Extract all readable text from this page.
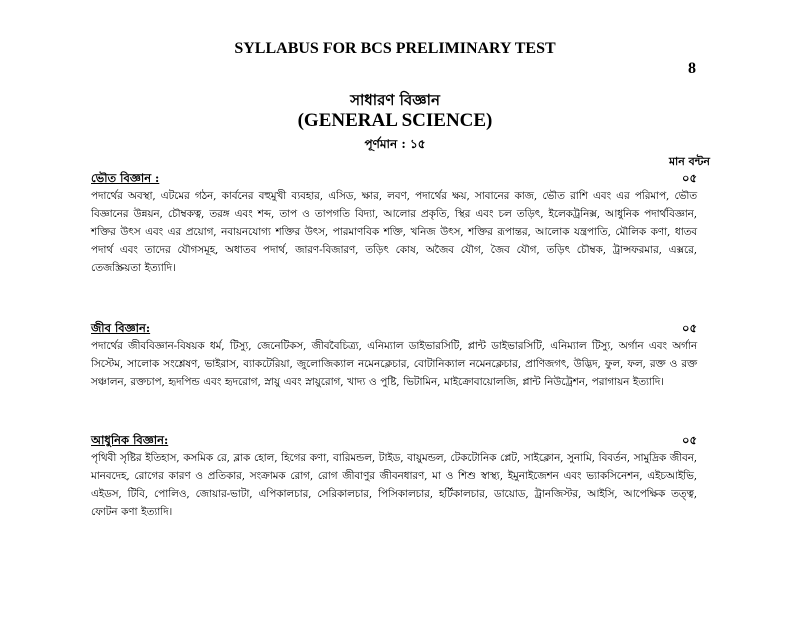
SYLLABUS FOR BCS PRELIMINARY TEST
8
সাধারণ বিজ্ঞান
(GENERAL SCIENCE)
পূর্ণমান : ১৫
মান বন্টন
ভৌত বিজ্ঞান :	০৫
পদার্থের অবস্থা, এটমের গঠন, কার্বনের বহুমুখী ব্যবহার, এসিড, ক্ষার, লবণ, পদার্থের ক্ষয়, সাবানের কাজ, ভৌত রাশি এবং এর পরিমাপ, ভৌত বিজ্ঞানের উন্নয়ন, চৌম্বকত্ব, তরঙ্গ এবং শব্দ, তাপ ও তাপগতি বিদ্যা, আলোর প্রকৃতি, স্থির এবং চল তড়িৎ, ইলেকট্রনিক্স, আধুনিক পদার্থবিজ্ঞান, শক্তির উৎস এবং এর প্রয়োগ, নবায়নযোগ্য শক্তির উৎস, পারমাণবিক শক্তি, খনিজ উৎস, শক্তির রূপান্তর, আলোক যন্ত্রপাতি, মৌলিক কণা, ধাতব পদার্থ এবং তাদের যৌগসমূহ, অধাতব পদার্থ, জারণ-বিজারণ, তড়িৎ কোষ, অজৈব যৌগ, জৈব যৌগ, তড়িৎ চৌম্বক, ট্রান্সফরমার, এক্সরে, তেজস্ক্রিয়তা ইত্যাদি।
জীব বিজ্ঞান:	০৫
পদার্থের জীববিজ্ঞান-বিষয়ক ধর্ম, টিস্যু, জেনেটিকস, জীববৈচিত্র্য, এনিম্যাল ডাইভারসিটি, প্লান্ট ডাইভারসিটি, এনিম্যাল টিস্যু, অর্গান এবং অর্গান সিস্টেম, সালোক সংশ্লেষণ, ভাইরাস, ব্যাকটেরিয়া, জুলোজিক্যাল নমেনক্লেচার, বোটানিক্যাল নমেনক্লেচার, প্রাণিজগৎ, উদ্ভিদ, ফুল, ফল, রক্ত ও রক্ত সঞ্চালন, রক্তচাপ, হৃদপিন্ড এবং হৃদরোগ, স্নায়ু এবং স্নায়ুরোগ, খাদ্য ও পুষ্টি, ভিটামিন, মাইক্রোবায়োলজি, প্লান্ট নিউট্রেশন, পরাগায়ন ইত্যাদি।
আধুনিক বিজ্ঞান:	০৫
পৃথিবী সৃষ্টির ইতিহাস, কসমিক রে, ব্লাক হোল, হিগের কণা, বারিমন্ডল, টাইড, বায়ুমন্ডল, টেকটোনিক প্লেট, সাইক্লোন, সুনামি, বিবর্তন, সামুদ্রিক জীবন, মানবদেহ, রোগের কারণ ও প্রতিকার, সংক্রামক রোগ, রোগ জীবাণুর জীবনধারণ, মা ও শিশু স্বাস্থ্য, ইমুনাইজেশন এবং ভ্যাকসিনেশন, এইচআইভি, এইডস, টিবি, পোলিও, জোয়ার-ভাটা, এপিকালচার, সেরিকালচার, পিসিকালচার, হর্টিকালচার, ডায়োড, ট্রানজিস্টর, আইসি, আপেক্ষিক তত্ত্ব, ফোটন কণা ইত্যাদি।
